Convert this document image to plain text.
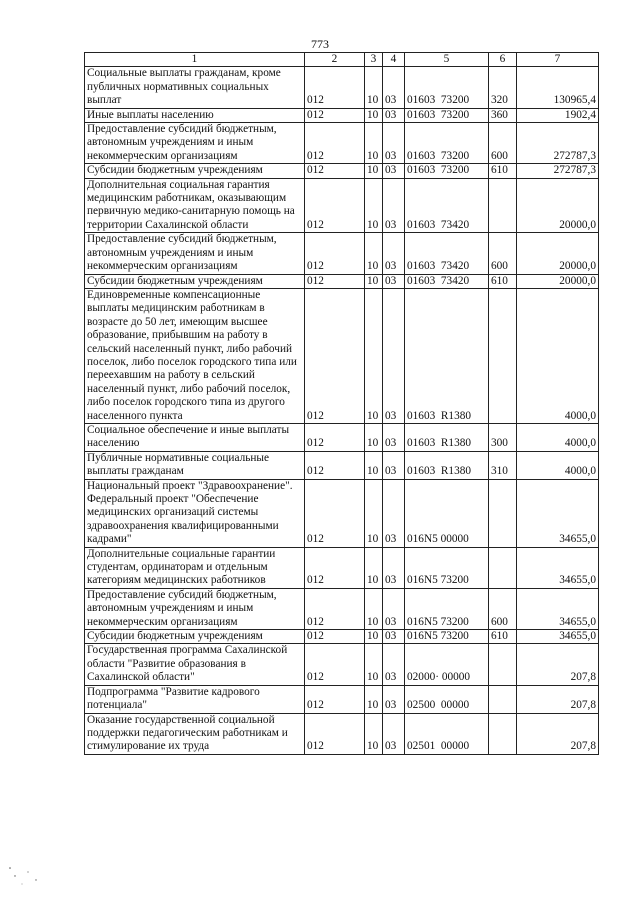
773
1	2	3	4	5	6	7
Социальные выплаты гражданам, кроме публичных нормативных социальных выплат	012	10	03	01603  73200	320	130965,4
Иные выплаты населению	012	10	03	01603  73200	360	1902,4
Предоставление субсидий бюджетным, автономным учреждениям и иным некоммерческим организациям	012	10	03	01603  73200	600	272787,3
Субсидии бюджетным учреждениям	012	10	03	01603  73200	610	272787,3
Дополнительная социальная гарантия медицинским работникам, оказывающим первичную медико-санитарную помощь на территории Сахалинской области	012	10	03	01603  73420		20000,0
Предоставление субсидий бюджетным, автономным учреждениям и иным некоммерческим организациям	012	10	03	01603  73420	600	20000,0
Субсидии бюджетным учреждениям	012	10	03	01603  73420	610	20000,0
Единовременные компенсационные выплаты медицинским работникам в возрасте до 50 лет, имеющим высшее образование, прибывшим на работу в сельский населенный пункт, либо рабочий поселок, либо поселок городского типа или переехавшим на работу в сельский населенный пункт, либо рабочий поселок, либо поселок городского типа из другого населенного пункта	012	10	03	01603  R1380		4000,0
Социальное обеспечение и иные выплаты населению	012	10	03	01603  R1380	300	4000,0
Публичные нормативные социальные выплаты гражданам	012	10	03	01603  R1380	310	4000,0
Национальный проект "Здравоохранение". Федеральный проект "Обеспечение медицинских организаций системы здравоохранения квалифицированными кадрами"	012	10	03	016N5 00000		34655,0
Дополнительные социальные гарантии студентам, ординаторам и отдельным категориям медицинских работников	012	10	03	016N5 73200		34655,0
Предоставление субсидий бюджетным, автономным учреждениям и иным некоммерческим организациям	012	10	03	016N5 73200	600	34655,0
Субсидии бюджетным учреждениям	012	10	03	016N5 73200	610	34655,0
Государственная программа Сахалинской области "Развитие образования в Сахалинской области"	012	10	03	02000· 00000		207,8
Подпрограмма "Развитие кадрового потенциала"	012	10	03	02500  00000		207,8
Оказание государственной социальной поддержки педагогическим работникам и стимулирование их труда	012	10	03	02501  00000		207,8
